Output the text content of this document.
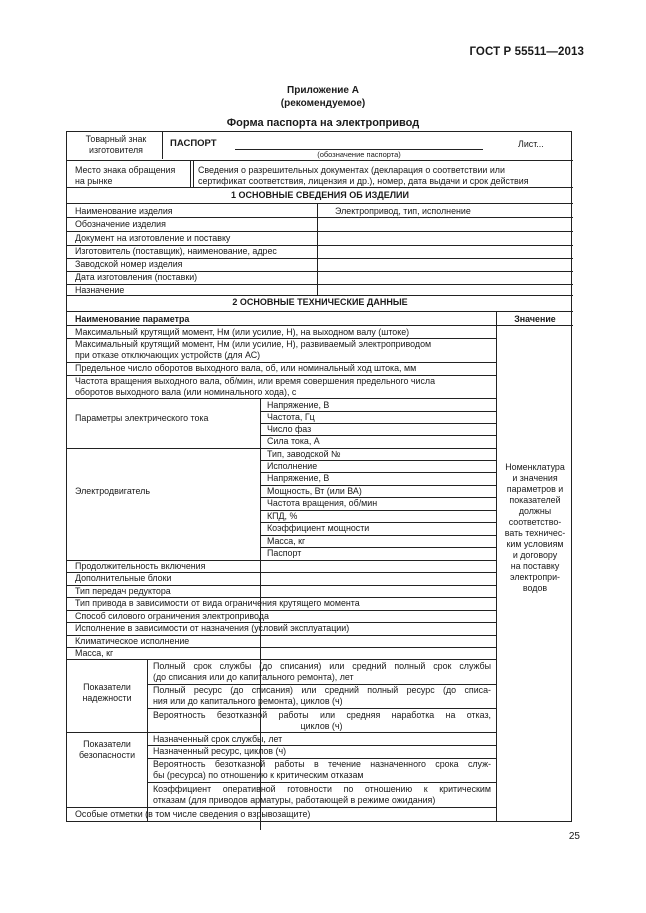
ГОСТ Р 55511—2013
Приложение А
(рекомендуемое)
Форма паспорта на электропривод
Товарный знак
изготовителя
ПАСПОРТ
(обозначение паспорта)
Лист...
Место знака обращения
на рынке
Сведения о разрешительных документах (декларация о соответствии или
сертификат соответствия, лицензия и др.), номер, дата выдачи и срок действия
1 ОСНОВНЫЕ СВЕДЕНИЯ ОБ ИЗДЕЛИИ
Наименование изделия	Электропривод, тип, исполнение
Обозначение изделия
Документ на изготовление и поставку
Изготовитель (поставщик), наименование, адрес
Заводской номер изделия
Дата изготовления (поставки)
Назначение
2 ОСНОВНЫЕ ТЕХНИЧЕСКИЕ ДАННЫЕ
Наименование параметра	Значение
Максимальный крутящий момент, Нм (или усилие, Н), на выходном валу (штоке)
Максимальный крутящий момент, Нм (или усилие, Н), развиваемый электроприводом
при отказе отключающих устройств (для АС)
Предельное число оборотов выходного вала, об, или номинальный ход штока, мм
Частота вращения выходного вала, об/мин, или время совершения предельного числа
оборотов выходного вала (или номинального хода), с
Параметры электрического тока
Напряжение, В
Частота, Гц
Число фаз
Сила тока, А
Электродвигатель
Тип, заводской №
Исполнение
Напряжение, В
Мощность, Вт (или ВА)
Частота вращения, об/мин
КПД, %
Коэффициент мощности
Масса, кг
Паспорт
Продолжительность включения
Дополнительные блоки
Тип передач редуктора
Тип привода в зависимости от вида ограничения крутящего момента
Способ силового ограничения электропривода
Исполнение в зависимости от назначения (условий эксплуатации)
Климатическое исполнение
Масса, кг
Показатели
надежности
Полный срок службы (до списания) или средний полный срок службы
(до списания или до капитального ремонта), лет
Полный ресурс (до списания) или средний полный ресурс (до списа-
ния или до капитального ремонта), циклов (ч)
Вероятность безотказной работы или средняя наработка на отказ,
циклов (ч)
Показатели
безопасности
Назначенный срок службы, лет
Назначенный ресурс, циклов (ч)
Вероятность безотказной работы в течение назначенного срока служ-
бы (ресурса) по отношению к критическим отказам
Коэффициент оперативной готовности по отношению к критическим
отказам (для приводов арматуры, работающей в режиме ожидания)
Особые отметки (в том числе сведения о взрывозащите)
Номенклатура
и значения
параметров и
показателей
должны
соответство-
вать техничес-
ким условиям
и договору
на поставку
электропри-
водов
25
